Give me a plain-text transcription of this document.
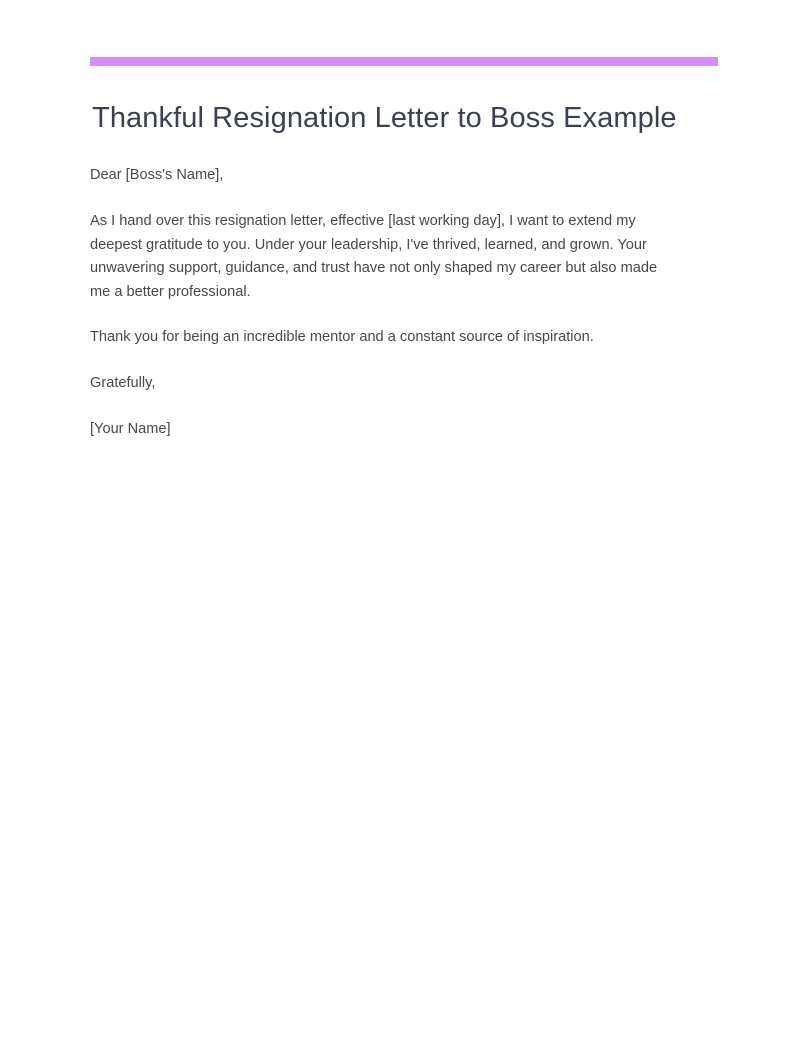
Thankful Resignation Letter to Boss Example

Dear [Boss's Name],

As I hand over this resignation letter, effective [last working day], I want to extend my deepest gratitude to you. Under your leadership, I've thrived, learned, and grown. Your unwavering support, guidance, and trust have not only shaped my career but also made me a better professional.

Thank you for being an incredible mentor and a constant source of inspiration.

Gratefully,

[Your Name]
